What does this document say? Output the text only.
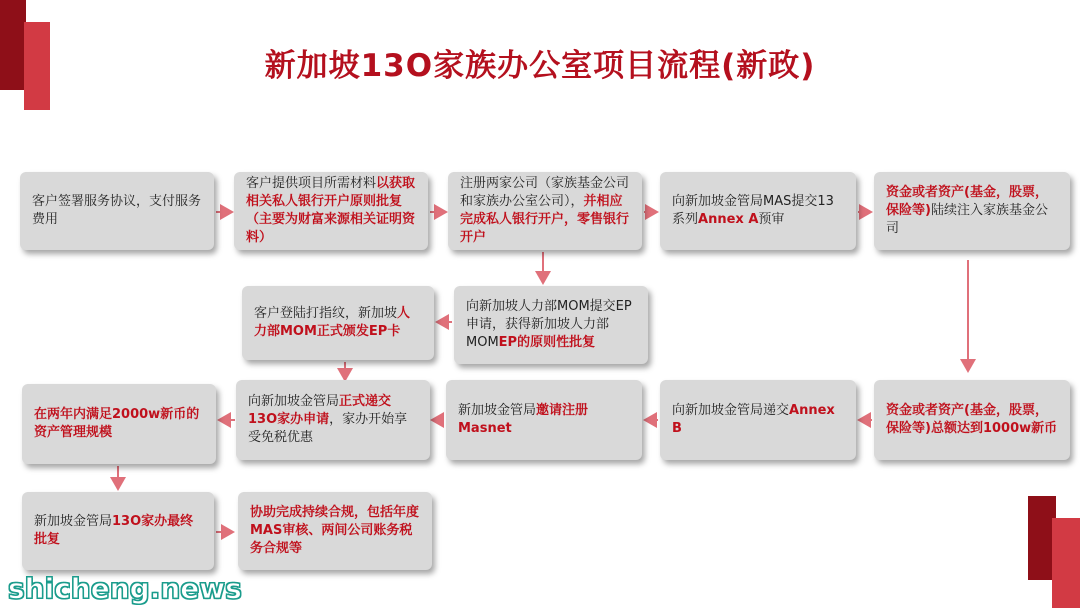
新加坡13O家族办公室项目流程(新政)
客户签署服务协议，支付服务费用
客户提供项目所需材料以获取相关私人银行开户原则批复（主要为财富来源相关证明资料）
注册两家公司（家族基金公司和家族办公室公司），并相应完成私人银行开户，零售银行开户
向新加坡金管局MAS提交13系列Annex A预审
资金或者资产(基金，股票，保险等)陆续注入家族基金公司
向新加坡人力部MOM提交EP申请，获得新加坡人力部MOMEP的原则性批复
客户登陆打指纹，新加坡人力部MOM正式颁发EP卡
资金或者资产(基金，股票，保险等)总额达到1000w新币
向新加坡金管局递交Annex B
新加坡金管局邀请注册Masnet
向新加坡金管局正式递交13O家办申请，家办开始享受免税优惠
在两年内满足2000w新币的资产管理规模
新加坡金管局13O家办最终批复
协助完成持续合规，包括年度MAS审核、两间公司账务税务合规等
shicheng.news
